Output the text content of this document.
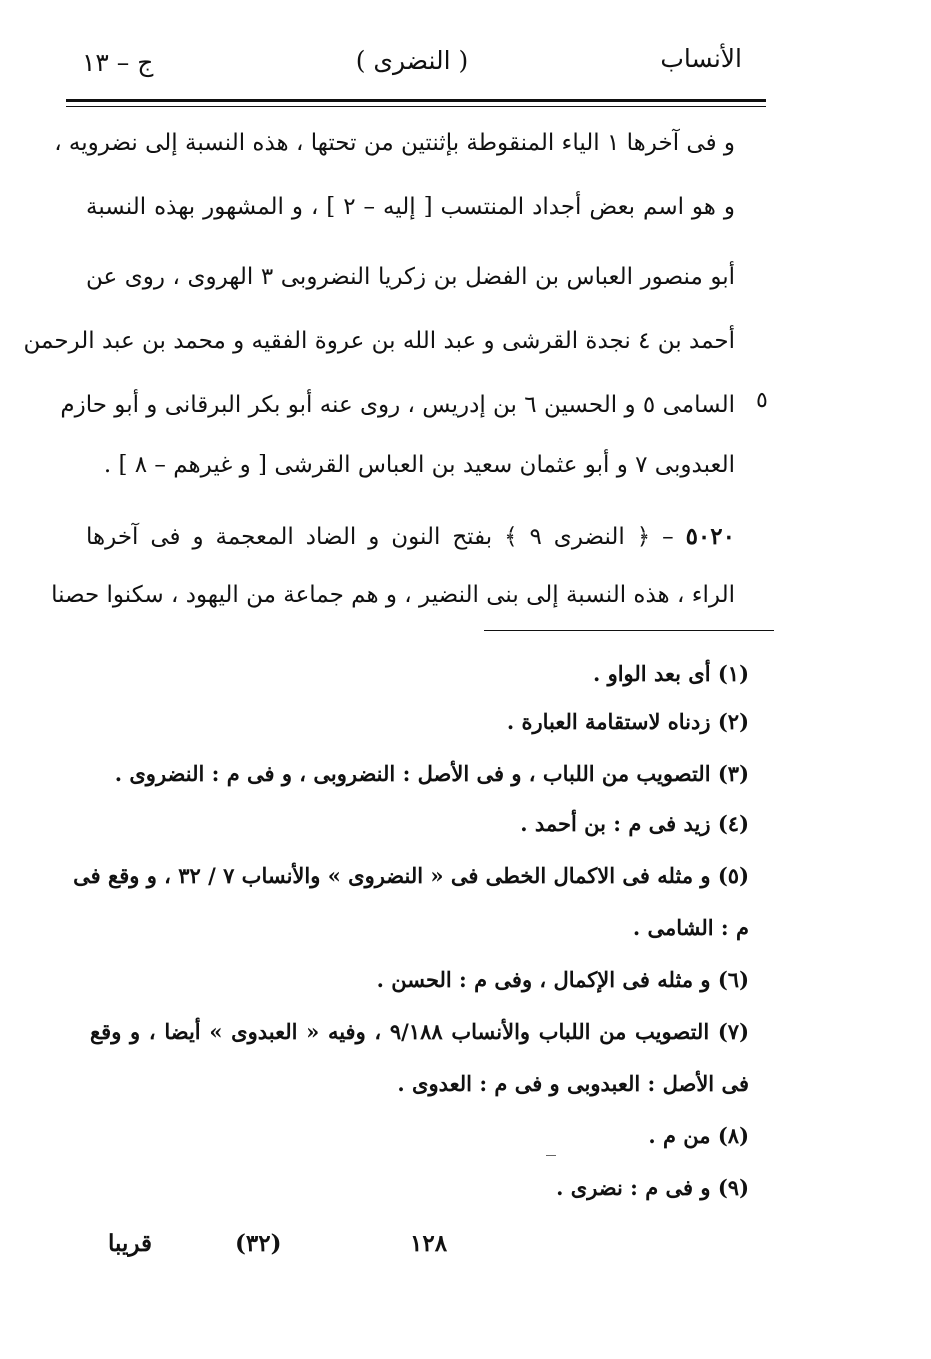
الأنساب
( النضرى )
ج – ١٣
و فى آخرها ١ الياء المنقوطة بإثنتين من تحتها ، هذه النسبة إلى نضرويه ،
و هو اسم بعض أجداد المنتسب [ إليه – ٢ ] ، و المشهور بهذه النسبة
أبو منصور العباس بن الفضل بن زكريا النضروبى ٣ الهروى ، روى عن
أحمد بن ٤ نجدة القرشى و عبد الله بن عروة الفقيه و محمد بن عبد الرحمن
السامى ٥ و الحسين ٦ بن إدريس ، روى عنه أبو بكر البرقانى و أبو حازم
العبدوبى ٧ و أبو عثمان سعيد بن العباس القرشى [ و غيرهم – ٨ ] .
٥
٥٠٢٠ – ﴿ النضرى ٩ ﴾ بفتح النون و الضاد المعجمة و فى آخرها
الراء ، هذه النسبة إلى بنى النضير ، و هم جماعة من اليهود ، سكنوا حصنا
(١) أى بعد الواو .
(٢) زدناه لاستقامة العبارة .
(٣) التصويب من اللباب ، و فى الأصل : النضروبى ، و فى م : النضروى .
(٤) زيد فى م : بن أحمد .
(٥) و مثله فى الاكمال الخطى فى « النضروى » والأنساب ٧ / ٣٢ ، و وقع فى
م : الشامى .
(٦) و مثله فى الإكمال ، وفى م : الحسن .
(٧) التصويب من اللباب والأنساب ٩/١٨٨ ، وفيه « العبدوى » أيضا ، و وقع
فى الأصل : العبدوبى و فى م : العدوى .
(٨) من م .
(٩) و فى م : نضرى .
١٢٨
(٣٢)
قريبا
